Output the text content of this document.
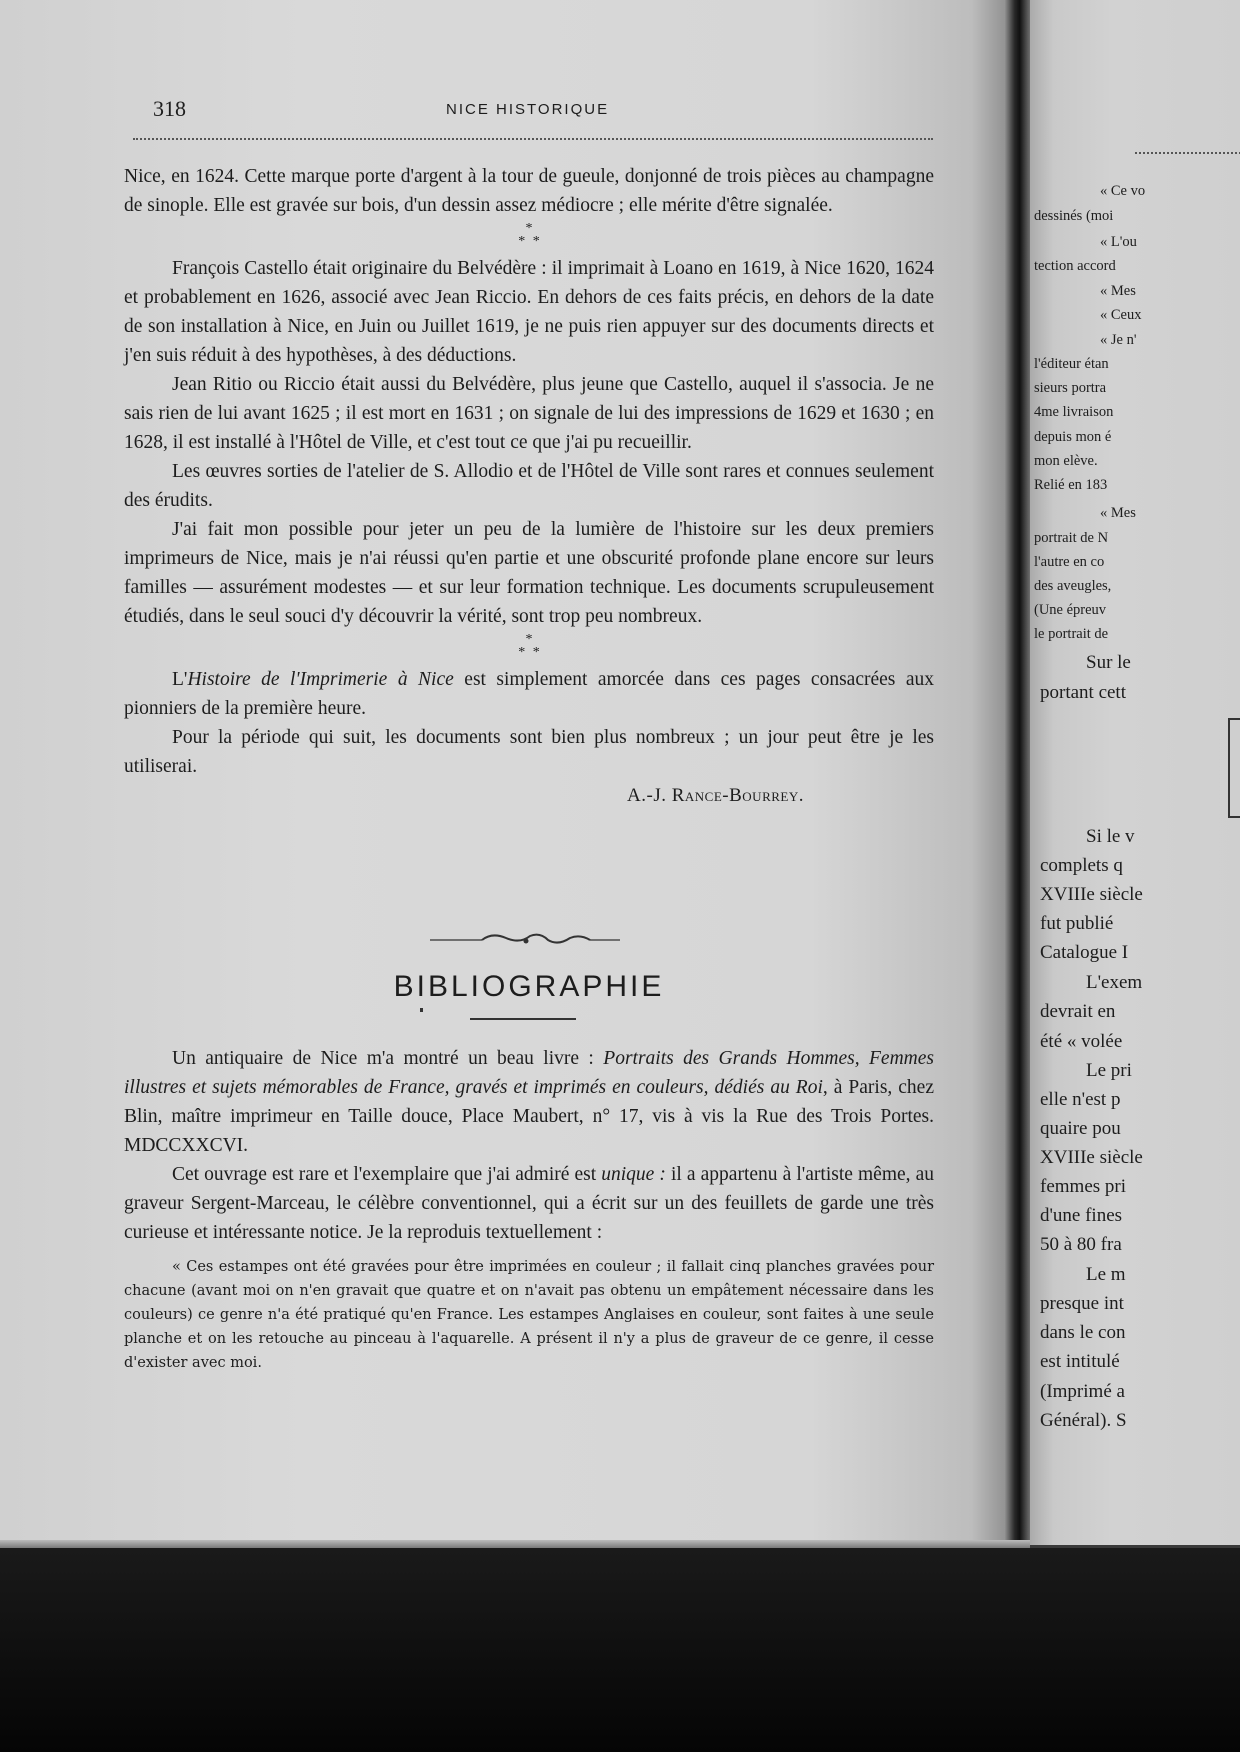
318	NICE HISTORIQUE

Nice, en 1624. Cette marque porte d'argent à la tour de gueule, donjonné de trois pièces au champagne de sinople. Elle est gravée sur bois, d'un dessin assez médiocre ; elle mérite d'être signalée.

*
* *

François Castello était originaire du Belvédère : il imprimait à Loano en 1619, à Nice 1620, 1624 et probablement en 1626, associé avec Jean Riccio. En dehors de ces faits précis, en dehors de la date de son installation à Nice, en Juin ou Juillet 1619, je ne puis rien appuyer sur des documents directs et j'en suis réduit à des hypothèses, à des déductions.

Jean Ritio ou Riccio était aussi du Belvédère, plus jeune que Castello, auquel il s'associa. Je ne sais rien de lui avant 1625 ; il est mort en 1631 ; on signale de lui des impressions de 1629 et 1630 ; en 1628, il est installé à l'Hôtel de Ville, et c'est tout ce que j'ai pu recueillir.

Les œuvres sorties de l'atelier de S. Allodio et de l'Hôtel de Ville sont rares et connues seulement des érudits.

J'ai fait mon possible pour jeter un peu de la lumière de l'histoire sur les deux premiers imprimeurs de Nice, mais je n'ai réussi qu'en partie et une obscurité profonde plane encore sur leurs familles — assurément modestes — et sur leur formation technique. Les documents scrupuleusement étudiés, dans le seul souci d'y découvrir la vérité, sont trop peu nombreux.

*
* *

L'Histoire de l'Imprimerie à Nice est simplement amorcée dans ces pages consacrées aux pionniers de la première heure.

Pour la période qui suit, les documents sont bien plus nombreux ; un jour peut être je les utiliserai.

A.-J. Rance-Bourrey.

BIBLIOGRAPHIE

Un antiquaire de Nice m'a montré un beau livre : Portraits des Grands Hommes, Femmes illustres et sujets mémorables de France, gravés et imprimés en couleurs, dédiés au Roi, à Paris, chez Blin, maître imprimeur en Taille douce, Place Maubert, n° 17, vis à vis la Rue des Trois Portes. MDCCXXCVI.

Cet ouvrage est rare et l'exemplaire que j'ai admiré est unique : il a appartenu à l'artiste même, au graveur Sergent-Marceau, le célèbre conventionnel, qui a écrit sur un des feuillets de garde une très curieuse et intéressante notice. Je la reproduis textuellement :

« Ces estampes ont été gravées pour être imprimées en couleur ; il fallait cinq planches gravées pour chacune (avant moi on n'en gravait que quatre et on n'avait pas obtenu un empâtement nécessaire dans les couleurs) ce genre n'a été pratiqué qu'en France. Les estampes Anglaises en couleur, sont faites à une seule planche et on les retouche au pinceau à l'aquarelle. A présent il n'y a plus de graveur de ce genre, il cesse d'exister avec moi.

« Ce vo
dessinés (moi
« L'ou
tection accord
« Mes
« Ceux
« Je n'
l'éditeur étan
sieurs portra
4me livraison
depuis mon é
mon elève.
Relié en 183
« Mes
portrait de N
l'autre en co
des aveugles,
(Une épreuv
le portrait de
Sur le
portant cett
Si le v
complets q
XVIIIe siècle
fut publié
Catalogue I
L'exem
devrait en
été « volée
Le pri
elle n'est p
quaire pou
XVIIIe siècle
femmes pri
d'une fines
50 à 80 fra
Le m
presque int
dans le con
est intitulé
(Imprimé a
Général). S
